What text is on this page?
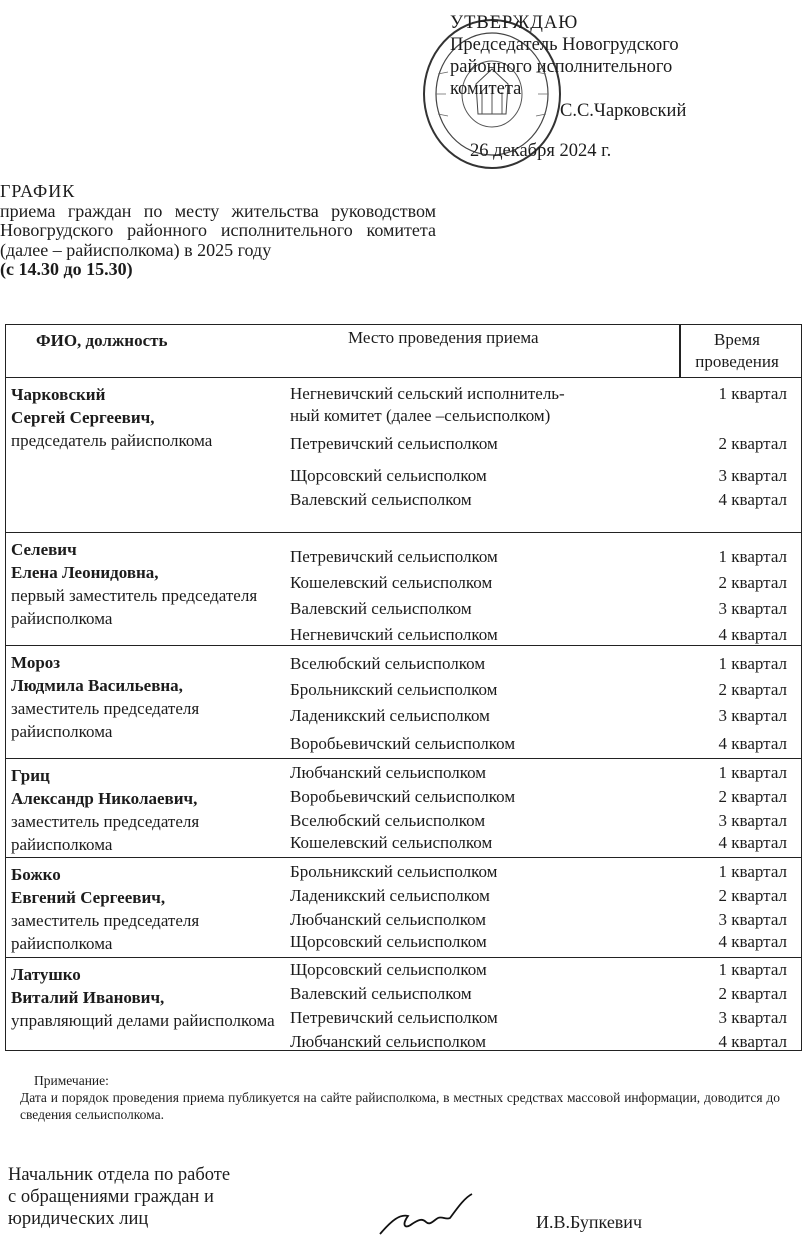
УТВЕРЖДАЮ
Председатель Новогрудского
районного исполнительного
комитета
С.С.Чарковский
26 декабря 2024 г.
ГРАФИК
приема граждан по месту жительства руководством Новогрудского районного исполнительного комитета (далее – райисполкома) в 2025 году
(с 14.30 до 15.30)
ФИО, должность	Место проведения приема	Время проведения
Чарковский
Сергей Сергеевич,
председатель райисполкома
Негневичский сельский исполнитель-	1 квартал
ный комитет (далее –сельисполком)
Петревичский сельисполком	2 квартал
Щорсовский сельисполком	3 квартал
Валевский сельисполком	4 квартал
Селевич
Елена Леонидовна,
первый заместитель председателя райисполкома
Петревичский сельисполком	1 квартал
Кошелевский сельисполком	2 квартал
Валевский сельисполком	3 квартал
Негневичский сельисполком	4 квартал
Мороз
Людмила Васильевна,
заместитель председателя райисполкома
Вселюбский сельисполком	1 квартал
Брольникский сельисполком	2 квартал
Ладеникский сельисполком	3 квартал
Воробьевичский сельисполком	4 квартал
Гриц
Александр Николаевич,
заместитель председателя райисполкома
Любчанский сельисполком	1 квартал
Воробьевичский сельисполком	2 квартал
Вселюбский сельисполком	3 квартал
Кошелевский сельисполком	4 квартал
Божко
Евгений Сергеевич,
заместитель председателя райисполкома
Брольникский сельисполком	1 квартал
Ладеникский сельисполком	2 квартал
Любчанский сельисполком	3 квартал
Щорсовский сельисполком	4 квартал
Латушко
Виталий Иванович,
управляющий делами райисполкома
Щорсовский сельисполком	1 квартал
Валевский сельисполком	2 квартал
Петревичский сельисполком	3 квартал
Любчанский сельисполком	4 квартал
Примечание:
Дата и порядок проведения приема публикуется на сайте райисполкома, в местных средствах массовой информации, доводится до сведения сельисполкома.
Начальник отдела по работе
с обращениями граждан и
юридических лиц	И.В.Бупкевич
